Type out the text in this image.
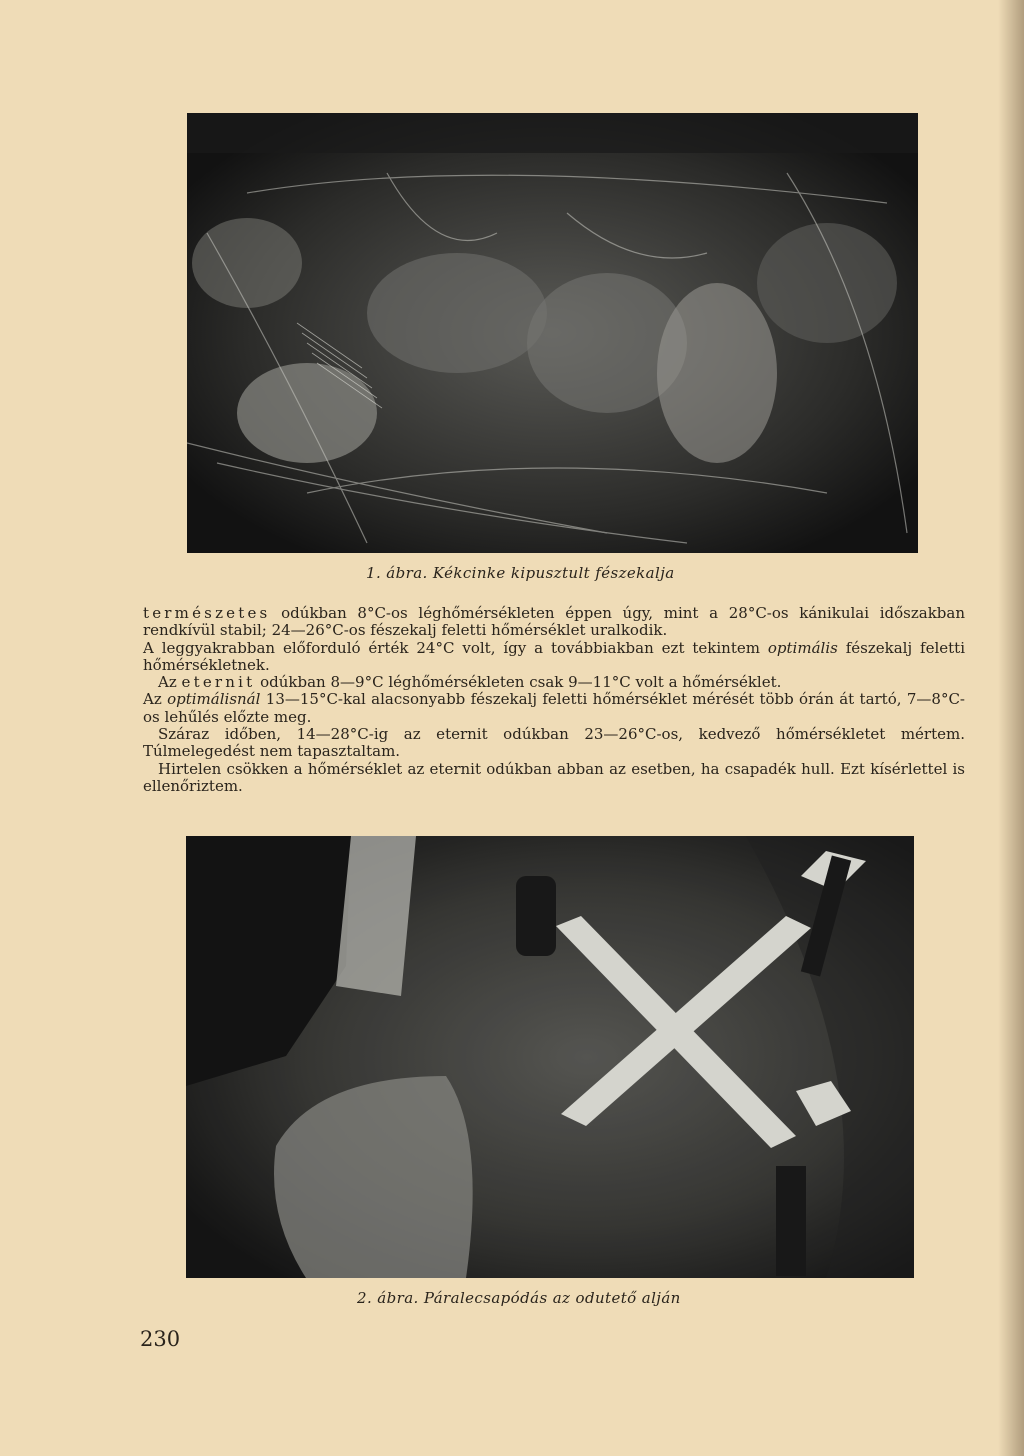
1. ábra. Kékcinke kipusztult fészekalja

természetes odúkban 8°C-os léghőmérsékleten éppen úgy, mint a 28°C-os kánikulai időszakban rendkívül stabil; 24—26°C-os fészekalj feletti hőmérséklet uralkodik.

A leggyakrabban előforduló érték 24°C volt, így a továbbiakban ezt tekintem optimális fészekalj feletti hőmérsékletnek.

Az eternit odúkban 8—9°C léghőmérsékleten csak 9—11°C volt a hőmérséklet.

Az optimálisnál 13—15°C-kal alacsonyabb fészekalj feletti hőmérséklet mérését több órán át tartó, 7—8°C-os lehűlés előzte meg.

Száraz időben, 14—28°C-ig az eternit odúkban 23—26°C-os, kedvező hőmérsékletet mértem. Túlmelegedést nem tapasztaltam.

Hirtelen csökken a hőmérséklet az eternit odúkban abban az esetben, ha csapadék hull. Ezt kísérlettel is ellenőriztem.

2. ábra. Páralecsapódás az odutető alján
230
